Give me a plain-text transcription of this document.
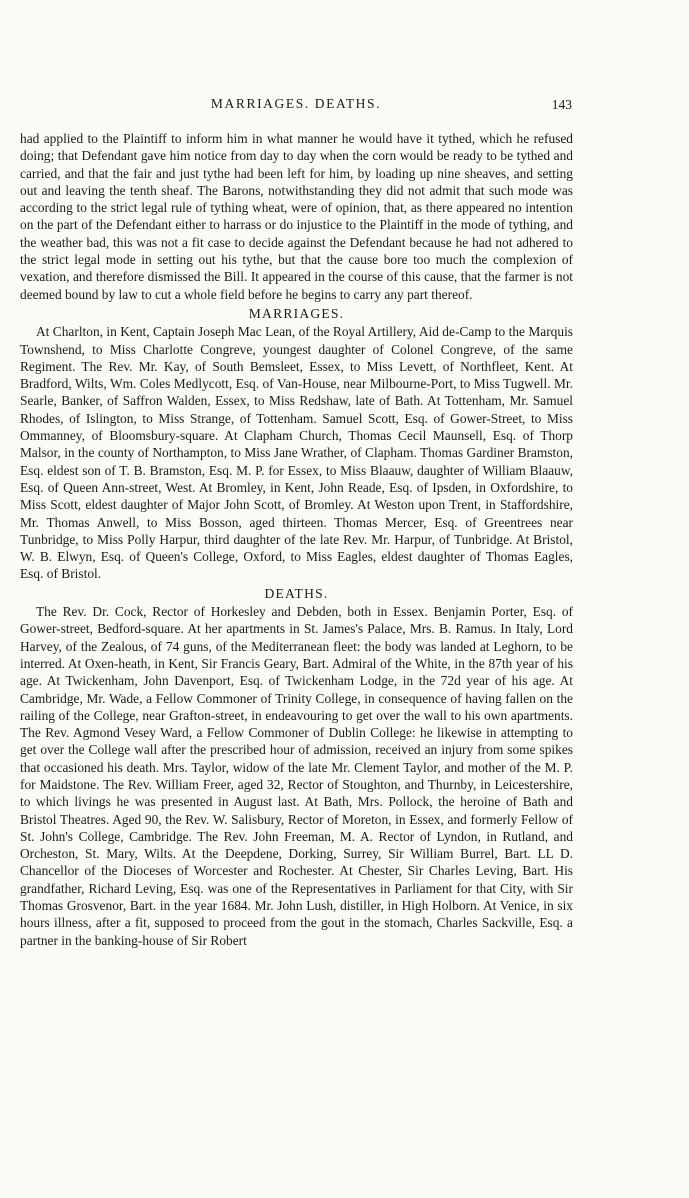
MARRIAGES. DEATHS.	143

had applied to the Plaintiff to inform him in what manner he would have it tythed, which he refused doing; that Defendant gave him notice from day to day when the corn would be ready to be tythed and carried, and that the fair and just tythe had been left for him, by loading up nine sheaves, and setting out and leaving the tenth sheaf. The Barons, notwithstanding they did not admit that such mode was according to the strict legal rule of tything wheat, were of opinion, that, as there appeared no intention on the part of the Defendant either to harrass or do injustice to the Plaintiff in the mode of tything, and the weather bad, this was not a fit case to decide against the Defendant because he had not adhered to the strict legal mode in setting out his tythe, but that the cause bore too much the complexion of vexation, and therefore dismissed the Bill. It appeared in the course of this cause, that the farmer is not deemed bound by law to cut a whole field before he begins to carry any part thereof.

MARRIAGES.

At Charlton, in Kent, Captain Joseph Mac Lean, of the Royal Artillery, Aid de-Camp to the Marquis Townshend, to Miss Charlotte Congreve, youngest daughter of Colonel Congreve, of the same Regiment. The Rev. Mr. Kay, of South Bemsleet, Essex, to Miss Levett, of Northfleet, Kent. At Bradford, Wilts, Wm. Coles Medlycott, Esq. of Van-House, near Milbourne-Port, to Miss Tugwell. Mr. Searle, Banker, of Saffron Walden, Essex, to Miss Redshaw, late of Bath. At Tottenham, Mr. Samuel Rhodes, of Islington, to Miss Strange, of Tottenham. Samuel Scott, Esq. of Gower-Street, to Miss Ommanney, of Bloomsbury-square. At Clapham Church, Thomas Cecil Maunsell, Esq. of Thorp Malsor, in the county of Northampton, to Miss Jane Wrather, of Clapham. Thomas Gardiner Bramston, Esq. eldest son of T. B. Bramston, Esq. M. P. for Essex, to Miss Blaauw, daughter of William Blaauw, Esq. of Queen Ann-street, West. At Bromley, in Kent, John Reade, Esq. of Ipsden, in Oxfordshire, to Miss Scott, eldest daughter of Major John Scott, of Bromley. At Weston upon Trent, in Staffordshire, Mr. Thomas Anwell, to Miss Bosson, aged thirteen. Thomas Mercer, Esq. of Greentrees near Tunbridge, to Miss Polly Harpur, third daughter of the late Rev. Mr. Harpur, of Tunbridge. At Bristol, W. B. Elwyn, Esq. of Queen's College, Oxford, to Miss Eagles, eldest daughter of Thomas Eagles, Esq. of Bristol.

DEATHS.

The Rev. Dr. Cock, Rector of Horkesley and Debden, both in Essex. Benjamin Porter, Esq. of Gower-street, Bedford-square. At her apartments in St. James's Palace, Mrs. B. Ramus. In Italy, Lord Harvey, of the Zealous, of 74 guns, of the Mediterranean fleet: the body was landed at Leghorn, to be interred. At Oxen-heath, in Kent, Sir Francis Geary, Bart. Admiral of the White, in the 87th year of his age. At Twickenham, John Davenport, Esq. of Twickenham Lodge, in the 72d year of his age. At Cambridge, Mr. Wade, a Fellow Commoner of Trinity College, in consequence of having fallen on the railing of the College, near Grafton-street, in endeavouring to get over the wall to his own apartments. The Rev. Agmond Vesey Ward, a Fellow Commoner of Dublin College: he likewise in attempting to get over the College wall after the prescribed hour of admission, received an injury from some spikes that occasioned his death. Mrs. Taylor, widow of the late Mr. Clement Taylor, and mother of the M. P. for Maidstone. The Rev. William Freer, aged 32, Rector of Stoughton, and Thurnby, in Leicestershire, to which livings he was presented in August last. At Bath, Mrs. Pollock, the heroine of Bath and Bristol Theatres. Aged 90, the Rev. W. Salisbury, Rector of Moreton, in Essex, and formerly Fellow of St. John's College, Cambridge. The Rev. John Freeman, M. A. Rector of Lyndon, in Rutland, and Orcheston, St. Mary, Wilts. At the Deepdene, Dorking, Surrey, Sir William Burrel, Bart. LL D. Chancellor of the Dioceses of Worcester and Rochester. At Chester, Sir Charles Leving, Bart. His grandfather, Richard Leving, Esq. was one of the Representatives in Parliament for that City, with Sir Thomas Grosvenor, Bart. in the year 1684. Mr. John Lush, distiller, in High Holborn. At Venice, in six hours illness, after a fit, supposed to proceed from the gout in the stomach, Charles Sackville, Esq. a partner in the banking-house of Sir Robert
